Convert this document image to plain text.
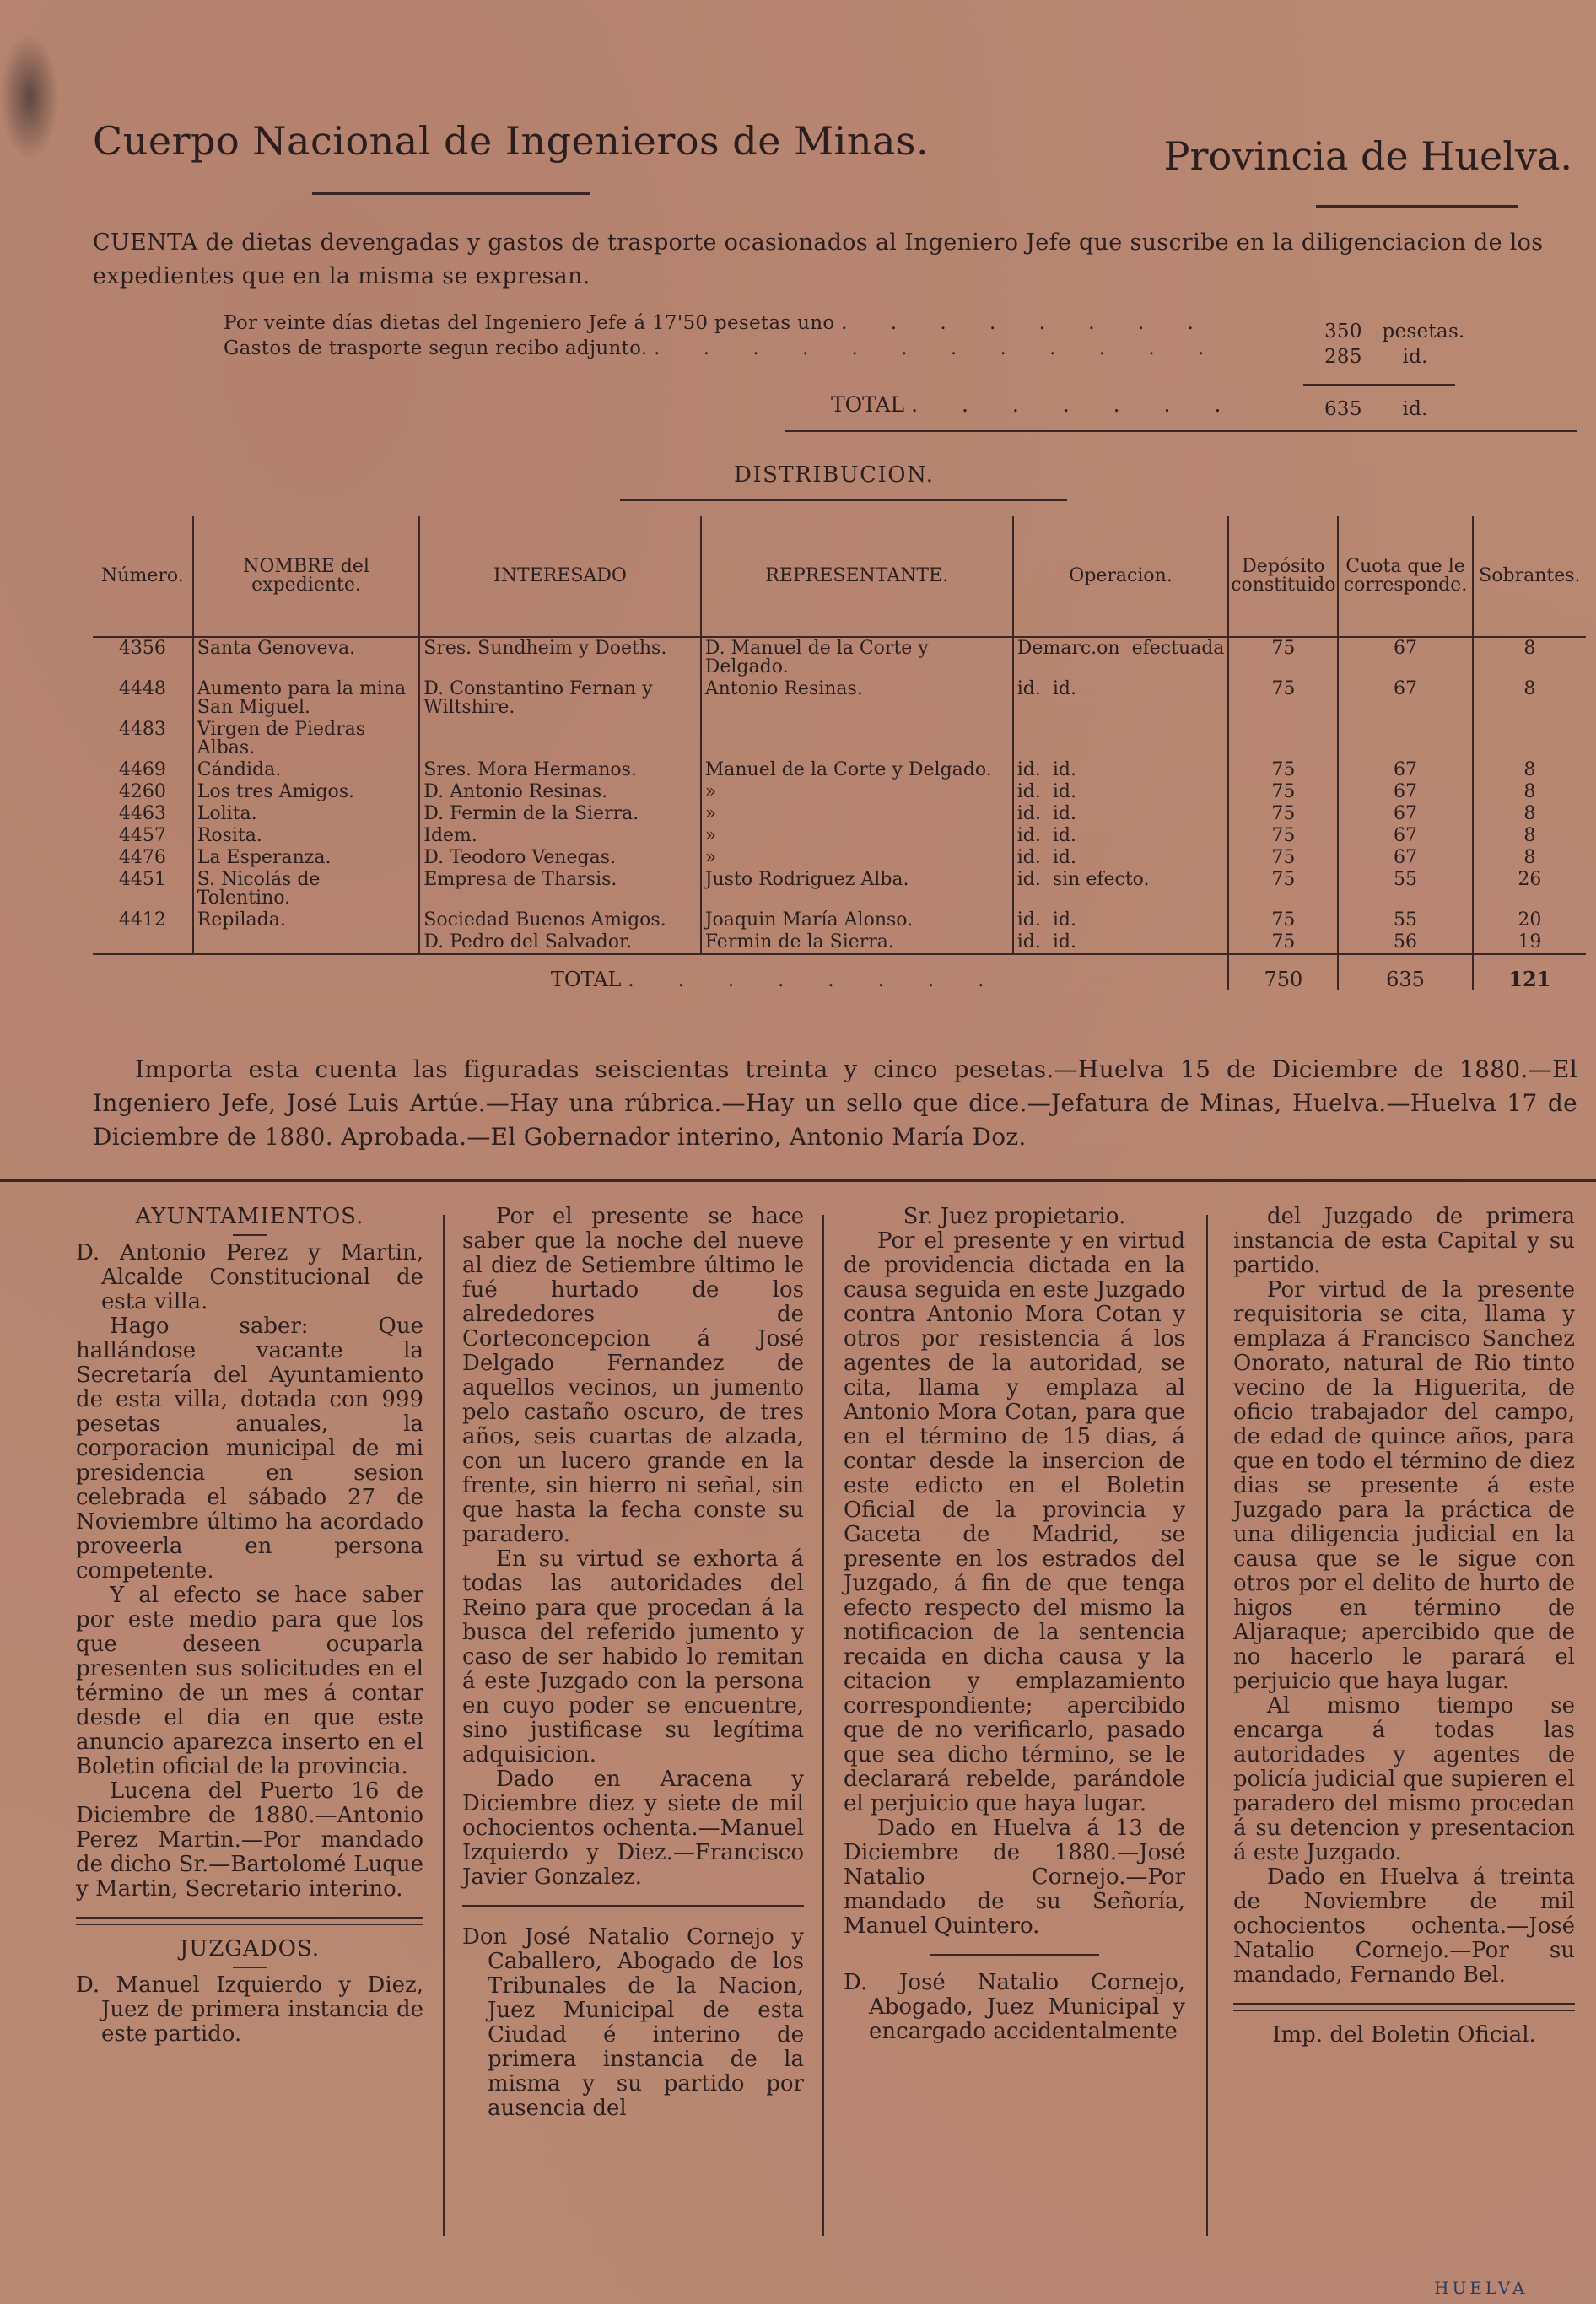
Cuerpo Nacional de Ingenieros de Minas.	Provincia de Huelva.
CUENTA de dietas devengadas y gastos de trasporte ocasionados al Ingeniero Jefe que suscribe en la diligenciacion de los expedientes que en la misma se expresan.
Por veinte días dietas del Ingeniero Jefe á 17'50 pesetas uno . . . . . . . .	350 pesetas.
Gastos de trasporte segun recibo adjunto. . . . . . . . . . . . .	285 id.
TOTAL . . . . . . .	635 id.
DISTRIBUCION.
Número.	NOMBRE del expediente.	INTERESADO	REPRESENTANTE.	Operacion.	Depósito constituido	Cuota que le corresponde.	Sobrantes.
4356	Santa Genoveva.	Sres. Sundheim y Doeths.	D. Manuel de la Corte y Delgado.	Demarc.on efectuada	75	67	8
4448	Aumento para la mina San Miguel.	D. Constantino Fernan y Wiltshire.	Antonio Resinas.	id. id.	75	67	8
4483	Virgen de Piedras Albas.						
4469	Cándida.	Sres. Mora Hermanos.	Manuel de la Corte y Delgado.	id. id.	75	67	8
4260	Los tres Amigos.	D. Antonio Resinas.	»	id. id.	75	67	8
4463	Lolita.	D. Fermin de la Sierra.	»	id. id.	75	67	8
4457	Rosita.	Idem.	»	id. id.	75	67	8
4476	La Esperanza.	D. Teodoro Venegas.	»	id. id.	75	67	8
4451	S. Nicolás de Tolentino.	Empresa de Tharsis.	Justo Rodriguez Alba.	id. sin efecto.	75	55	26
4412	Repilada.	Sociedad Buenos Amigos.	Joaquin María Alonso.	id. id.	75	55	20
		D. Pedro del Salvador.	Fermin de la Sierra.	id. id.	75	56	19
TOTAL . . . . . . . .					750	635	121
Importa esta cuenta las figuradas seiscientas treinta y cinco pesetas.—Huelva 15 de Diciembre de 1880.—El Ingeniero Jefe, José Luis Artúe.—Hay una rúbrica.—Hay un sello que dice.—Jefatura de Minas, Huelva.—Huelva 17 de Diciembre de 1880. Aprobada.—El Gobernador interino, Antonio María Doz.

AYUNTAMIENTOS.

D. Antonio Perez y Martin, Alcalde Constitucional de esta villa.

Hago saber: Que hallándose vacante la Secretaría del Ayuntamiento de esta villa, dotada con 999 pesetas anuales, la corporacion municipal de mi presidencia en sesion celebrada el sábado 27 de Noviembre último ha acordado proveerla en persona competente.

Y al efecto se hace saber por este medio para que los que deseen ocuparla presenten sus solicitudes en el término de un mes á contar desde el dia en que este anuncio aparezca inserto en el Boletin oficial de la provincia.

Lucena del Puerto 16 de Diciembre de 1880.—Antonio Perez Martin.—Por mandado de dicho Sr.—Bartolomé Luque y Martin, Secretario interino.

JUZGADOS.

D. Manuel Izquierdo y Diez, Juez de primera instancia de este partido.

Por el presente se hace saber que la noche del nueve al diez de Setiembre último le fué hurtado de los alrededores de Corteconcepcion á José Delgado Fernandez de aquellos vecinos, un jumento pelo castaño oscuro, de tres años, seis cuartas de alzada, con un lucero grande en la frente, sin hierro ni señal, sin que hasta la fecha conste su paradero.

En su virtud se exhorta á todas las autoridades del Reino para que procedan á la busca del referido jumento y caso de ser habido lo remitan á este Juzgado con la persona en cuyo poder se encuentre, sino justificase su legítima adquisicion.

Dado en Aracena y Diciembre diez y siete de mil ochocientos ochenta.—Manuel Izquierdo y Diez.—Francisco Javier Gonzalez.

Don José Natalio Cornejo y Caballero, Abogado de los Tribunales de la Nacion, Juez Municipal de esta Ciudad é interino de primera instancia de la misma y su partido por ausencia del

Sr. Juez propietario.

Por el presente y en virtud de providencia dictada en la causa seguida en este Juzgado contra Antonio Mora Cotan y otros por resistencia á los agentes de la autoridad, se cita, llama y emplaza al Antonio Mora Cotan, para que en el término de 15 dias, á contar desde la insercion de este edicto en el Boletin Oficial de la provincia y Gaceta de Madrid, se presente en los estrados del Juzgado, á fin de que tenga efecto respecto del mismo la notificacion de la sentencia recaida en dicha causa y la citacion y emplazamiento correspondiente; apercibido que de no verificarlo, pasado que sea dicho término, se le declarará rebelde, parándole el perjuicio que haya lugar.

Dado en Huelva á 13 de Diciembre de 1880.—José Natalio Cornejo.—Por mandado de su Señoría, Manuel Quintero.

D. José Natalio Cornejo, Abogado, Juez Municipal y encargado accidentalmente

del Juzgado de primera instancia de esta Capital y su partido.

Por virtud de la presente requisitoria se cita, llama y emplaza á Francisco Sanchez Onorato, natural de Rio tinto vecino de la Higuerita, de oficio trabajador del campo, de edad de quince años, para que en todo el término de diez dias se presente á este Juzgado para la práctica de una diligencia judicial en la causa que se le sigue con otros por el delito de hurto de higos en término de Aljaraque; apercibido que de no hacerlo le parará el perjuicio que haya lugar.

Al mismo tiempo se encarga á todas las autoridades y agentes de policía judicial que supieren el paradero del mismo procedan á su detencion y presentacion á este Juzgado.

Dado en Huelva á treinta de Noviembre de mil ochocientos ochenta.—José Natalio Cornejo.—Por su mandado, Fernando Bel.

Imp. del Boletin Oficial.

HUELVA
